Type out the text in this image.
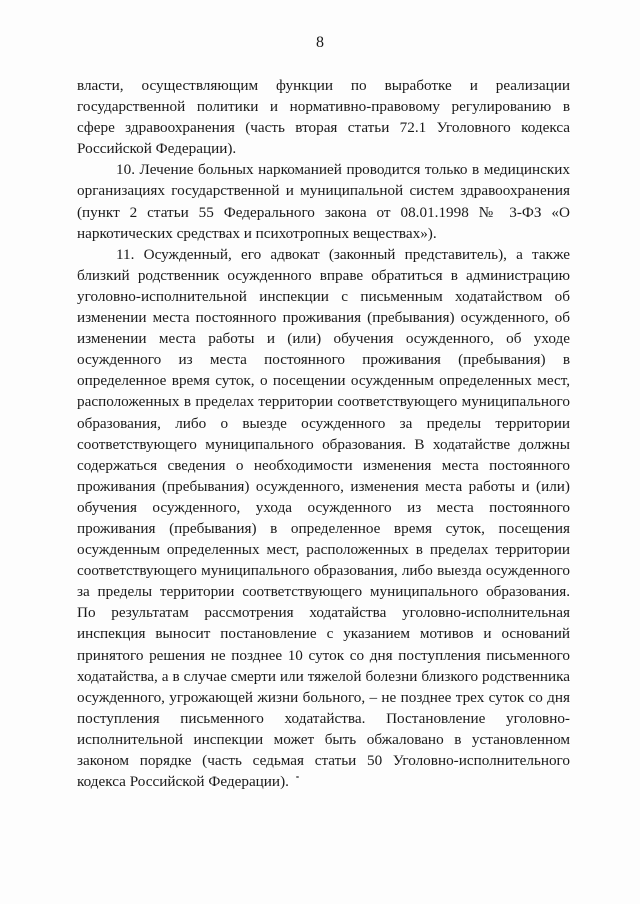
8

власти, осуществляющим функции по выработке и реализации государственной политики и нормативно-правовому регулированию в сфере здравоохранения (часть вторая статьи 72.1 Уголовного кодекса Российской Федерации).

10. Лечение больных наркоманией проводится только в медицинских организациях государственной и муниципальной систем здравоохранения (пункт 2 статьи 55 Федерального закона от 08.01.1998 № 3-ФЗ «О наркотических средствах и психотропных веществах»).

11. Осужденный, его адвокат (законный представитель), а также близкий родственник осужденного вправе обратиться в администрацию уголовно-исполнительной инспекции с письменным ходатайством об изменении места постоянного проживания (пребывания) осужденного, об изменении места работы и (или) обучения осужденного, об уходе осужденного из места постоянного проживания (пребывания) в определенное время суток, о посещении осужденным определенных мест, расположенных в пределах территории соответствующего муниципального образования, либо о выезде осужденного за пределы территории соответствующего муниципального образования. В ходатайстве должны содержаться сведения о необходимости изменения места постоянного проживания (пребывания) осужденного, изменения места работы и (или) обучения осужденного, ухода осужденного из места постоянного проживания (пребывания) в определенное время суток, посещения осужденным определенных мест, расположенных в пределах территории соответствующего муниципального образования, либо выезда осужденного за пределы территории соответствующего муниципального образования. По результатам рассмотрения ходатайства уголовно-исполнительная инспекция выносит постановление с указанием мотивов и оснований принятого решения не позднее 10 суток со дня поступления письменного ходатайства, а в случае смерти или тяжелой болезни близкого родственника осужденного, угрожающей жизни больного, – не позднее трех суток со дня поступления письменного ходатайства. Постановление уголовно-исполнительной инспекции может быть обжаловано в установленном законом порядке (часть седьмая статьи 50 Уголовно-исполнительного кодекса Российской Федерации).
